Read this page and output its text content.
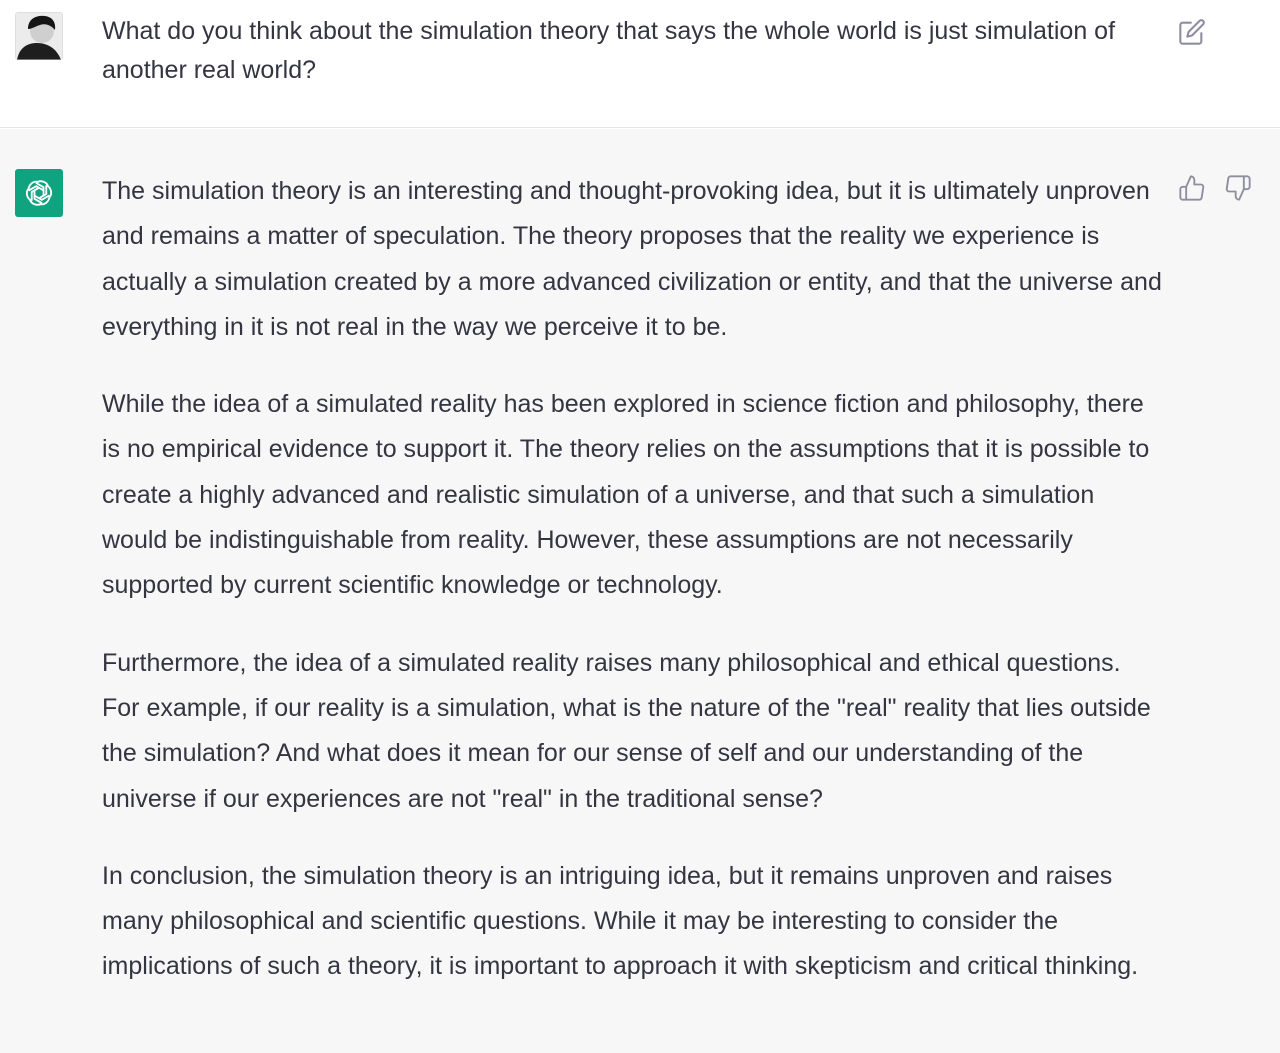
What do you think about the simulation theory that says the whole world is just simulation of another real world?

The simulation theory is an interesting and thought-provoking idea, but it is ultimately unproven and remains a matter of speculation. The theory proposes that the reality we experience is actually a simulation created by a more advanced civilization or entity, and that the universe and everything in it is not real in the way we perceive it to be.

While the idea of a simulated reality has been explored in science fiction and philosophy, there is no empirical evidence to support it. The theory relies on the assumptions that it is possible to create a highly advanced and realistic simulation of a universe, and that such a simulation would be indistinguishable from reality. However, these assumptions are not necessarily supported by current scientific knowledge or technology.

Furthermore, the idea of a simulated reality raises many philosophical and ethical questions. For example, if our reality is a simulation, what is the nature of the "real" reality that lies outside the simulation? And what does it mean for our sense of self and our understanding of the universe if our experiences are not "real" in the traditional sense?

In conclusion, the simulation theory is an intriguing idea, but it remains unproven and raises many philosophical and scientific questions. While it may be interesting to consider the implications of such a theory, it is important to approach it with skepticism and critical thinking.
